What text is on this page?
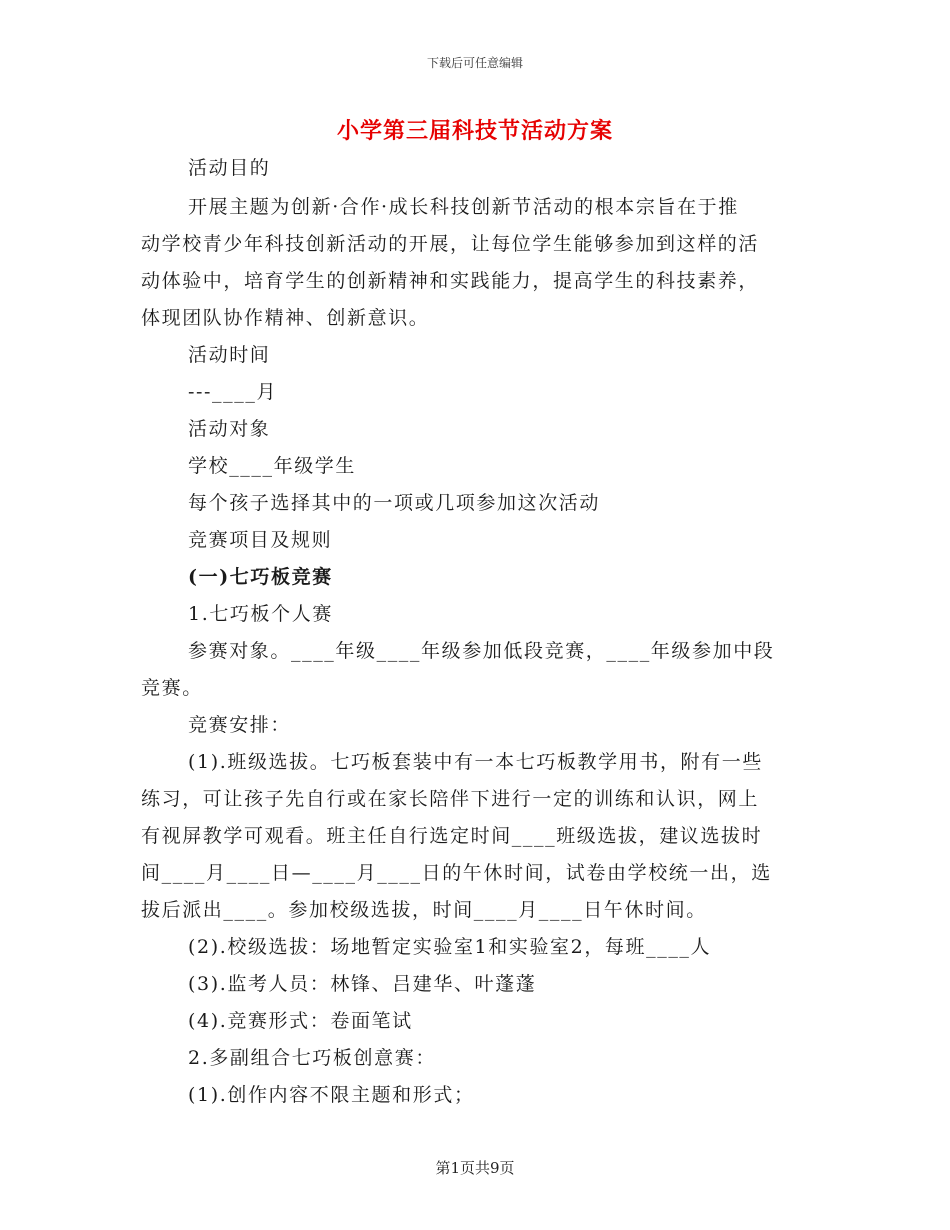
下载后可任意编辑
小学第三届科技节活动方案
活动目的
开展主题为创新·合作·成长科技创新节活动的根本宗旨在于推
动学校青少年科技创新活动的开展，让每位学生能够参加到这样的活
动体验中，培育学生的创新精神和实践能力，提高学生的科技素养，
体现团队协作精神、创新意识。
活动时间
---____月
活动对象
学校____年级学生
每个孩子选择其中的一项或几项参加这次活动
竞赛项目及规则
(一)七巧板竞赛
1.七巧板个人赛
参赛对象。____年级____年级参加低段竞赛，____年级参加中段
竞赛。
竞赛安排：
(1).班级选拔。七巧板套装中有一本七巧板教学用书，附有一些
练习，可让孩子先自行或在家长陪伴下进行一定的训练和认识，网上
有视屏教学可观看。班主任自行选定时间____班级选拔，建议选拔时
间____月____日—____月____日的午休时间，试卷由学校统一出，选
拔后派出____。参加校级选拔，时间____月____日午休时间。
(2).校级选拔：场地暂定实验室1和实验室2，每班____人
(3).监考人员：林锋、吕建华、叶蓬蓬
(4).竞赛形式：卷面笔试
2.多副组合七巧板创意赛：
(1).创作内容不限主题和形式；
第1页共9页
